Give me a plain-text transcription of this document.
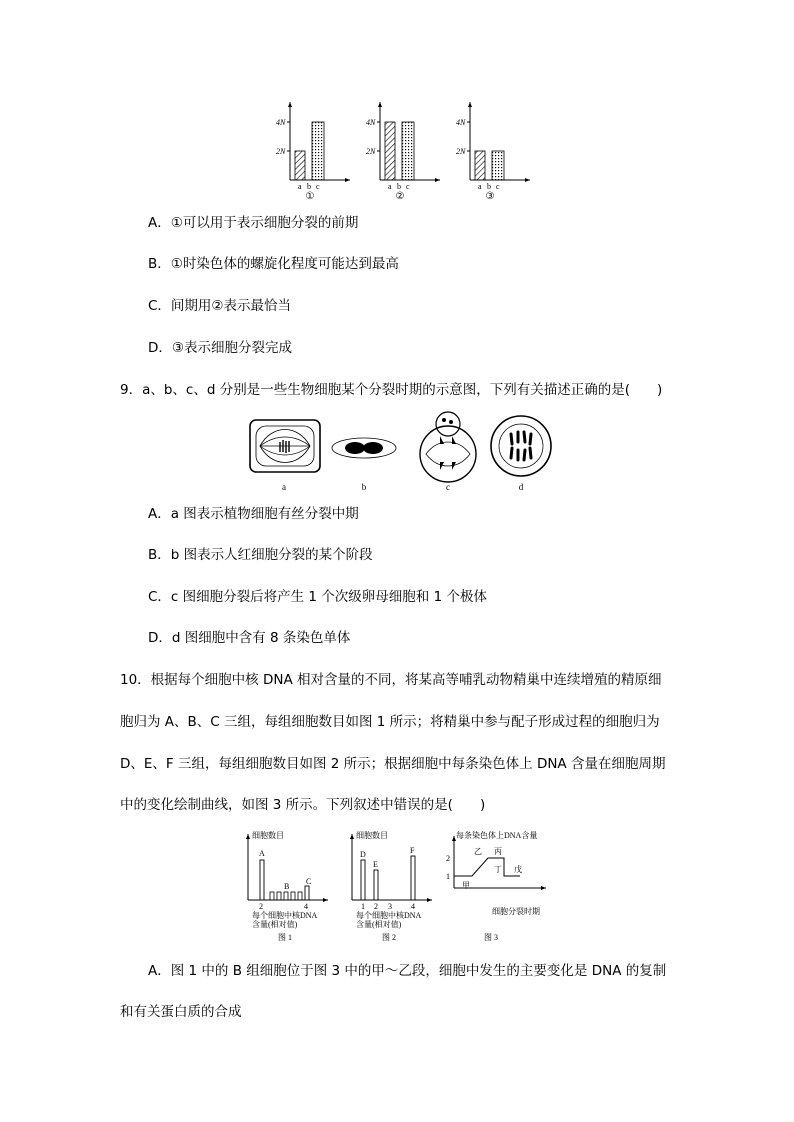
4N
2N
a b c
①
4N
2N
a b c
②
4N
2N
a b c
③
A．①可以用于表示细胞分裂的前期
B．①时染色体的螺旋化程度可能达到最高
C．间期用②表示最恰当
D．③表示细胞分裂完成
9．a、b、c、d 分别是一些生物细胞某个分裂时期的示意图，下列有关描述正确的是(　　)
a	b	c	d
A．a 图表示植物细胞有丝分裂中期
B．b 图表示人红细胞分裂的某个阶段
C．c 图细胞分裂后将产生 1 个次级卵母细胞和 1 个极体
D．d 图细胞中含有 8 条染色单体
10．根据每个细胞中核 DNA 相对含量的不同，将某高等哺乳动物精巢中连续增殖的精原细
胞归为 A、B、C 三组，每组细胞数目如图 1 所示；将精巢中参与配子形成过程的细胞归为
D、E、F 三组，每组细胞数目如图 2 所示；根据细胞中每条染色体上 DNA 含量在细胞周期
中的变化绘制曲线，如图 3 所示。下列叙述中错误的是(　　)
细胞数目
A
B
C
2	4
每个细胞中核DNA
含量(相对值)
图 1
细胞数目
D
E
F
1 2 3 4
每个细胞中核DNA
含量(相对值)
图 2
每条染色体上DNA含量
2
1
甲
乙 丙
丁 戊
细胞分裂时期
图 3
A．图 1 中的 B 组细胞位于图 3 中的甲～乙段，细胞中发生的主要变化是 DNA 的复制
和有关蛋白质的合成
